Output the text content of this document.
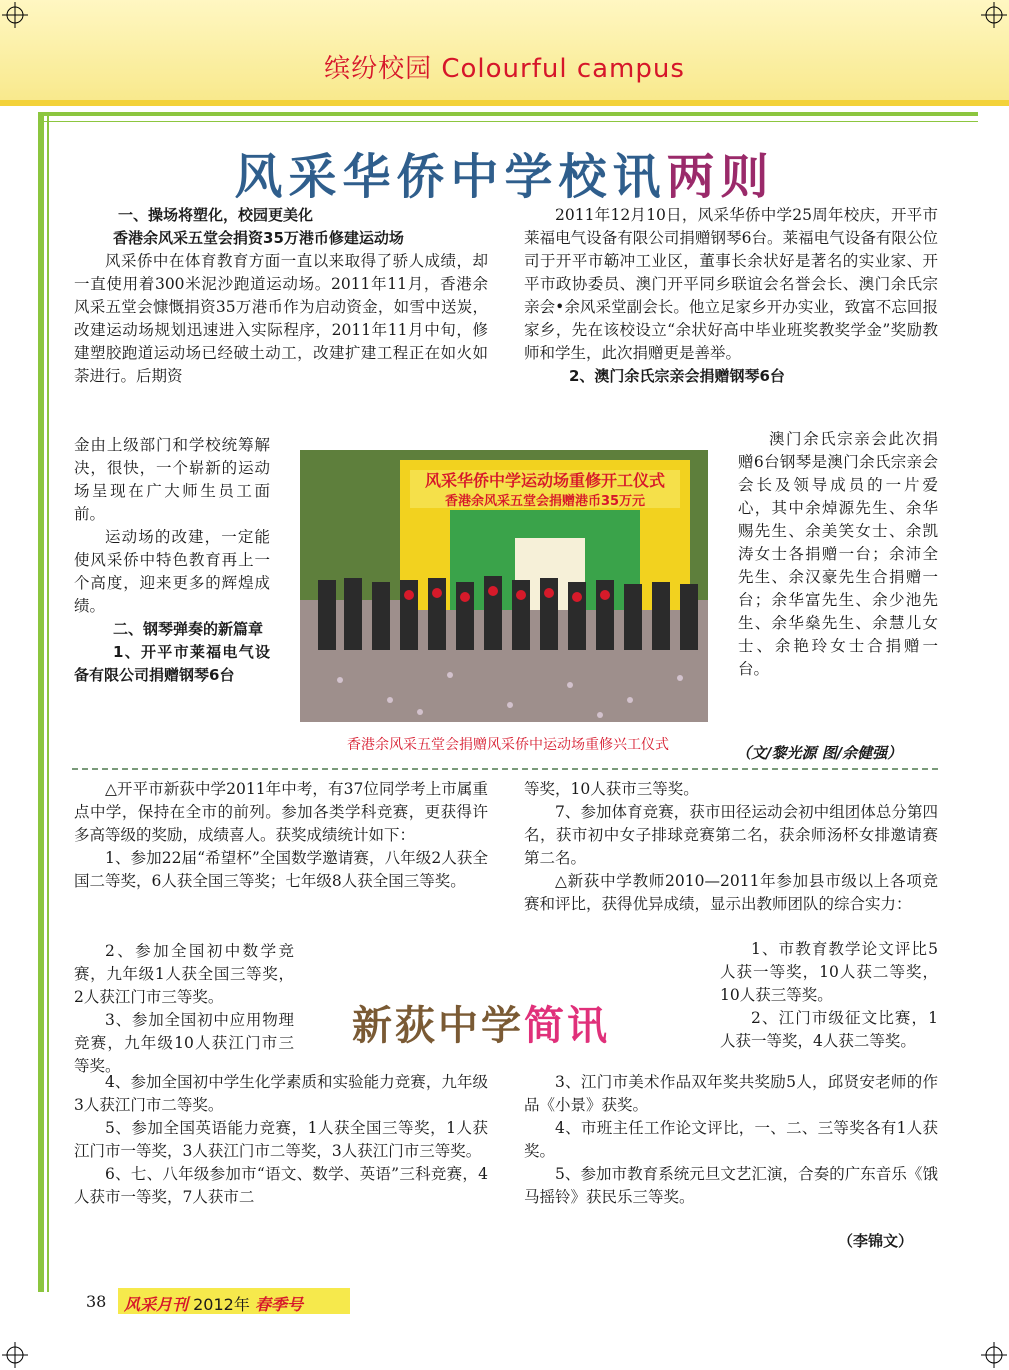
缤纷校园 Colourful campus
风采华侨中学校讯两则

一、操场将塑化，校园更美化

香港余风采五堂会捐资35万港币修建运动场

风采侨中在体育教育方面一直以来取得了骄人成绩，却一直使用着300米泥沙跑道运动场。2011年11月，香港余风采五堂会慷慨捐资35万港币作为启动资金，如雪中送炭，改建运动场规划迅速进入实际程序，2011年11月中旬，修建塑胶跑道运动场已经破土动工，改建扩建工程正在如火如荼进行。后期资

金由上级部门和学校统筹解决，很快，一个崭新的运动场呈现在广大师生员工面前。

运动场的改建，一定能使风采侨中特色教育再上一个高度，迎来更多的辉煌成绩。

二、钢琴弹奏的新篇章

1、开平市莱福电气设备有限公司捐赠钢琴6台

2011年12月10日，风采华侨中学25周年校庆，开平市莱福电气设备有限公司捐赠钢琴6台。莱福电气设备有限公位司于开平市簕冲工业区，董事长余状好是著名的实业家、开平市政协委员、澳门开平同乡联谊会名誉会长、澳门余氏宗亲会•余风采堂副会长。他立足家乡开办实业，致富不忘回报家乡，先在该校设立“余状好高中毕业班奖教奖学金”奖励教师和学生，此次捐赠更是善举。

2、澳门余氏宗亲会捐赠钢琴6台

澳门余氏宗亲会此次捐赠6台钢琴是澳门余氏宗亲会会长及领导成员的一片爱心，其中余焯源先生、余华赐先生、余美笑女士、余凯涛女士各捐赠一台；余沛全先生、余汉豪先生合捐赠一台；余华富先生、余少池先生、余华燊先生、余慧儿女士、余艳玲女士合捐赠一台。

风采华侨中学运动场重修开工仪式
香港余风采五堂会捐赠港币35万元
香港余风采五堂会捐赠风采侨中运动场重修兴工仪式	（文/黎光源 图/余健强）

△开平市新荻中学2011年中考，有37位同学考上市属重点中学，保持在全市的前列。参加各类学科竞赛，更获得许多高等级的奖励，成绩喜人。获奖成绩统计如下：

1、参加22届“希望杯”全国数学邀请赛，八年级2人获全国二等奖，6人获全国三等奖；七年级8人获全国三等奖。

2、参加全国初中数学竞赛，九年级1人获全国三等奖，2人获江门市三等奖。

3、参加全国初中应用物理竞赛，九年级10人获江门市三等奖。

4、参加全国初中学生化学素质和实验能力竞赛，九年级3人获江门市二等奖。

5、参加全国英语能力竞赛，1人获全国三等奖，1人获江门市一等奖，3人获江门市二等奖，3人获江门市三等奖。

6、七、八年级参加市“语文、数学、英语”三科竞赛，4人获市一等奖，7人获市二

等奖，10人获市三等奖。

7、参加体育竞赛，获市田径运动会初中组团体总分第四名，获市初中女子排球竞赛第二名，获余师汤杯女排邀请赛第二名。

△新荻中学教师2010—2011年参加县市级以上各项竞赛和评比，获得优异成绩，显示出教师团队的综合实力：

1、市教育教学论文评比5人获一等奖，10人获二等奖，10人获三等奖。

2、江门市级征文比赛，1人获一等奖，4人获二等奖。

3、江门市美术作品双年奖共奖励5人，邱贤安老师的作品《小景》获奖。

4、市班主任工作论文评比，一、二、三等奖各有1人获奖。

5、参加市教育系统元旦文艺汇演，合奏的广东音乐《饿马摇铃》获民乐三等奖。

新荻中学简讯
（李锦文）
38 风采月刊 2012年 春季号
